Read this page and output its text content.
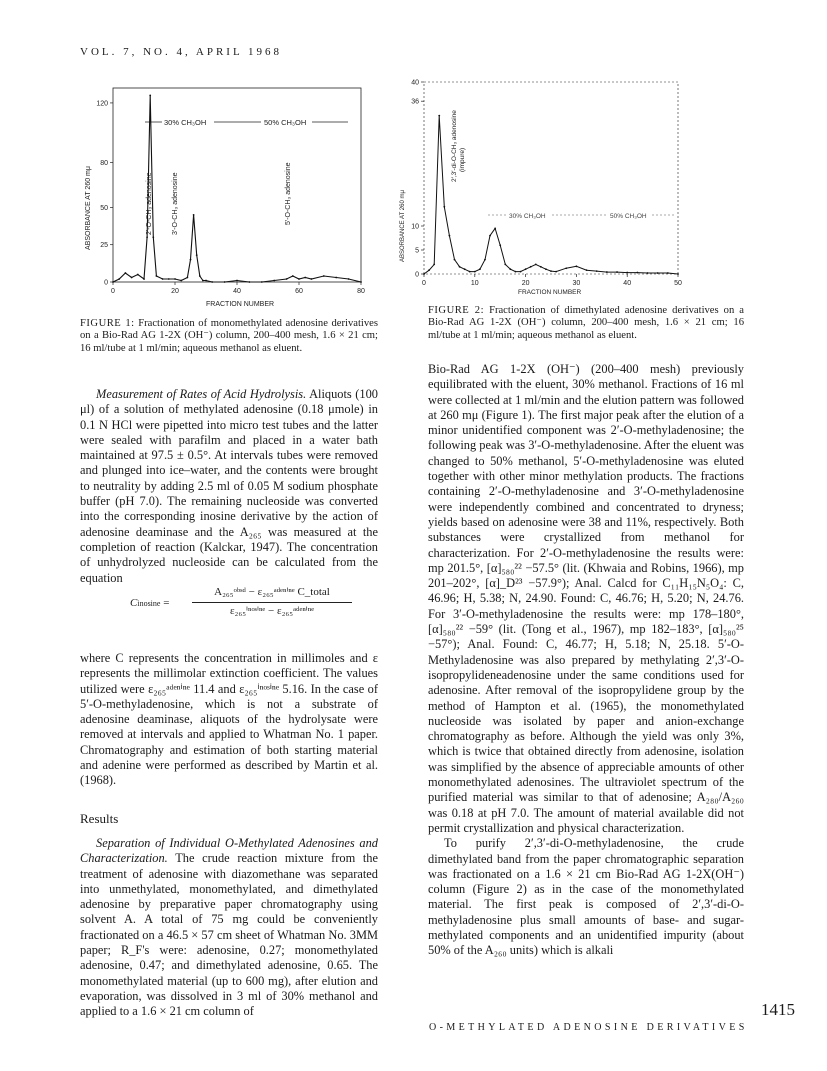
VOL. 7, NO. 4, APRIL 1968
O-METHYLATED ADENOSINE DERIVATIVES
1415
0
25
50
80
120
0	20	40	60	80
ABSORBANCE AT 260 mμ
FRACTION NUMBER
30% CH₃OH	50% CH₃OH
2′-O-CH₃ adenosine	3′-O-CH₃ adenosine	5′-O-CH₃ adenosine
FIGURE 1: Fractionation of monomethylated adenosine derivatives on a Bio-Rad AG 1-2X (OH⁻) column, 200–400 mesh, 1.6 × 21 cm; 16 ml/tube at 1 ml/min; aqueous methanol as eluent.
0
5
10
36
40
0	10	20	30	40	50
ABSORBANCE AT 260 mμ
FRACTION NUMBER
30% CH₃OH	50% CH₃OH
2′,3′-di-O-CH₃ adenosine (impure)
FIGURE 2: Fractionation of dimethylated adenosine derivatives on a Bio-Rad AG 1-2X (OH⁻) column, 200–400 mesh, 1.6 × 21 cm; 16 ml/tube at 1 ml/min; aqueous methanol as eluent.

Measurement of Rates of Acid Hydrolysis. Aliquots (100 μl) of a solution of methylated adenosine (0.18 μmole) in 0.1 N HCl were pipetted into micro test tubes and the latter were sealed with parafilm and placed in a water bath maintained at 97.5 ± 0.5°. At intervals tubes were removed and plunged into ice–water, and the contents were brought to neutrality by adding 2.5 ml of 0.05 M sodium phosphate buffer (pH 7.0). The remaining nucleoside was converted into the corresponding inosine derivative by the action of adenosine deaminase and the A₂₆₅ was measured at the completion of reaction (Kalckar, 1947). The concentration of unhydrolyzed nucleoside can be calculated from the equation

Cinosine =
A₂₆₅ᵒᵇˢᵈ − ε₂₆₅ᵃᵈᵉⁿⁱⁿᵉ C_total
ε₂₆₅ⁱⁿᵒˢⁱⁿᵉ − ε₂₆₅ᵃᵈᵉⁿⁱⁿᵉ

where C represents the concentration in millimoles and ε represents the millimolar extinction coefficient. The values utilized were ε₂₆₅ᵃᵈᵉⁿⁱⁿᵉ 11.4 and ε₂₆₅ⁱⁿᵒˢⁱⁿᵉ 5.16. In the case of 5′-O-methyladenosine, which is not a substrate of adenosine deaminase, aliquots of the hydrolysate were removed at intervals and applied to Whatman No. 1 paper. Chromatography and estimation of both starting material and adenine were performed as described by Martin et al. (1968).

Results

Separation of Individual O-Methylated Adenosines and Characterization. The crude reaction mixture from the treatment of adenosine with diazomethane was separated into unmethylated, monomethylated, and dimethylated adenosine by preparative paper chromatography using solvent A. A total of 75 mg could be conveniently fractionated on a 46.5 × 57 cm sheet of Whatman No. 3MM paper; R_F's were: adenosine, 0.27; monomethylated adenosine, 0.47; and dimethylated adenosine, 0.65. The monomethylated material (up to 600 mg), after elution and evaporation, was dissolved in 3 ml of 30% methanol and applied to a 1.6 × 21 cm column of

Bio-Rad AG 1-2X (OH⁻) (200–400 mesh) previously equilibrated with the eluent, 30% methanol. Fractions of 16 ml were collected at 1 ml/min and the elution pattern was followed at 260 mμ (Figure 1). The first major peak after the elution of a minor unidentified component was 2′-O-methyladenosine; the following peak was 3′-O-methyladenosine. After the eluent was changed to 50% methanol, 5′-O-methyladenosine was eluted together with other minor methylation products. The fractions containing 2′-O-methyladenosine and 3′-O-methyladenosine were independently combined and concentrated to dryness; yields based on adenosine were 38 and 11%, respectively. Both substances were crystallized from methanol for characterization. For 2′-O-methyladenosine the results were: mp 201.5°, [α]₅₈₀²² −57.5° (lit. (Khwaia and Robins, 1966), mp 201–202°, [α]_D²³ −57.9°); Anal. Calcd for C₁₁H₁₅N₅O₄: C, 46.96; H, 5.38; N, 24.90. Found: C, 46.76; H, 5.20; N, 24.76. For 3′-O-methyladenosine the results were: mp 178–180°, [α]₅₈₀²² −59° (lit. (Tong et al., 1967), mp 182–183°, [α]₅₈₀²⁵ −57°); Anal. Found: C, 46.77; H, 5.18; N, 25.18. 5′-O-Methyladenosine was also prepared by methylating 2′,3′-O-isopropylideneadenosine under the same conditions used for adenosine. After removal of the isopropylidene group by the method of Hampton et al. (1965), the monomethylated nucleoside was isolated by paper and anion-exchange chromatography as before. Although the yield was only 3%, which is twice that obtained directly from adenosine, isolation was simplified by the absence of appreciable amounts of other monomethylated adenosines. The ultraviolet spectrum of the purified material was similar to that of adenosine; A₂₈₀/A₂₆₀ was 0.18 at pH 7.0. The amount of material available did not permit crystallization and physical characterization.

To purify 2′,3′-di-O-methyladenosine, the crude dimethylated band from the paper chromatographic separation was fractionated on a 1.6 × 21 cm Bio-Rad AG 1-2X(OH⁻) column (Figure 2) as in the case of the monomethylated material. The first peak is composed of 2′,3′-di-O-methyladenosine plus small amounts of base- and sugar-methylated components and an unidentified impurity (about 50% of the A₂₆₀ units) which is alkali
